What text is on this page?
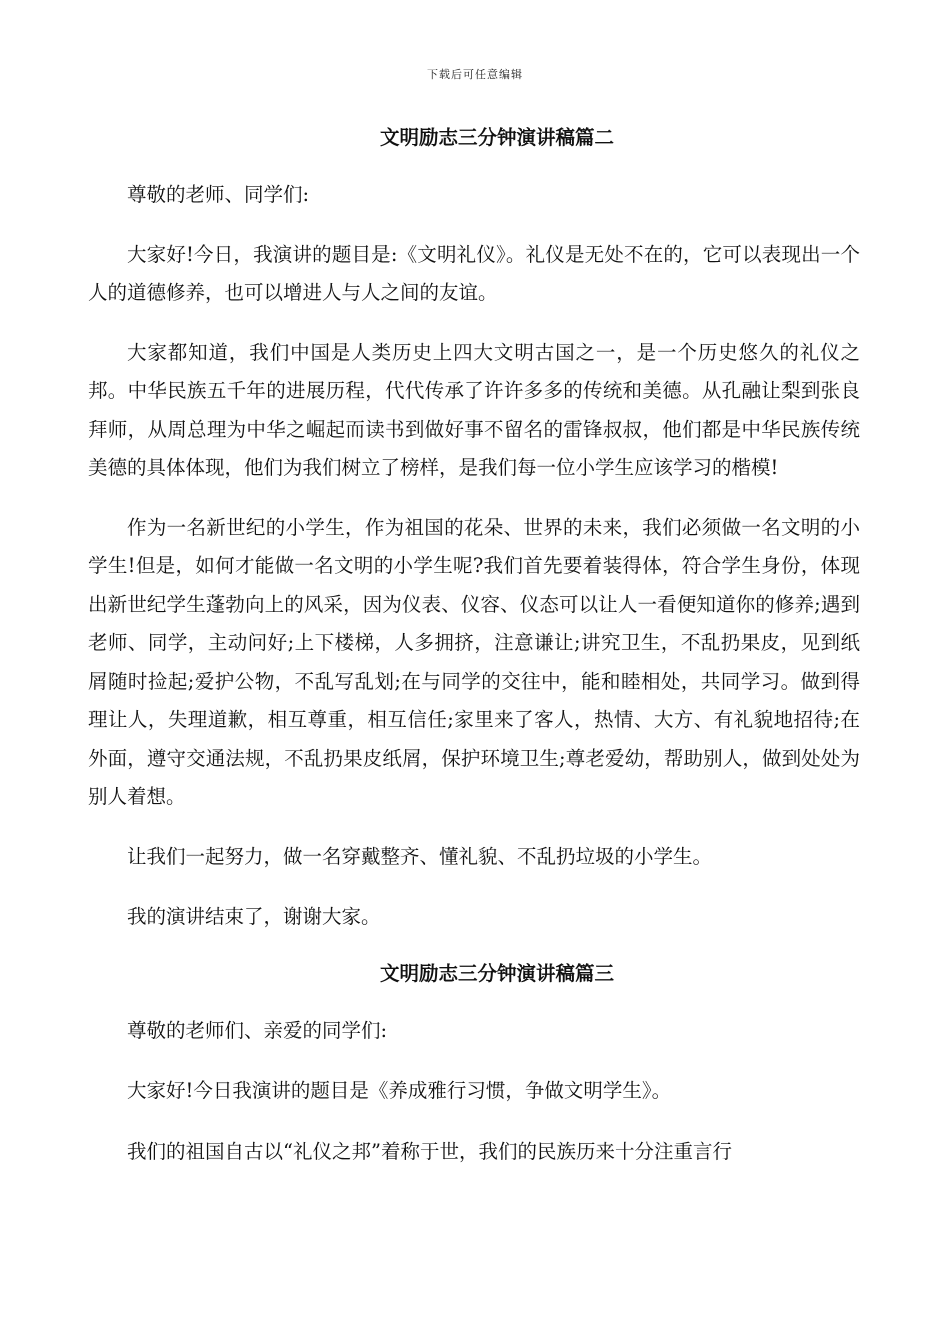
下载后可任意编辑
文明励志三分钟演讲稿篇二

尊敬的老师、同学们:

大家好!今日，我演讲的题目是:《文明礼仪》。礼仪是无处不在的，它可以表现出一个人的道德修养，也可以增进人与人之间的友谊。

大家都知道，我们中国是人类历史上四大文明古国之一，是一个历史悠久的礼仪之邦。中华民族五千年的进展历程，代代传承了许许多多的传统和美德。从孔融让梨到张良拜师，从周总理为中华之崛起而读书到做好事不留名的雷锋叔叔，他们都是中华民族传统美德的具体体现，他们为我们树立了榜样，是我们每一位小学生应该学习的楷模!

作为一名新世纪的小学生，作为祖国的花朵、世界的未来，我们必须做一名文明的小学生!但是，如何才能做一名文明的小学生呢?我们首先要着装得体，符合学生身份，体现出新世纪学生蓬勃向上的风采，因为仪表、仪容、仪态可以让人一看便知道你的修养;遇到老师、同学，主动问好;上下楼梯，人多拥挤，注意谦让;讲究卫生，不乱扔果皮，见到纸屑随时捡起;爱护公物，不乱写乱划;在与同学的交往中，能和睦相处，共同学习。做到得理让人，失理道歉，相互尊重，相互信任;家里来了客人，热情、大方、有礼貌地招待;在外面，遵守交通法规，不乱扔果皮纸屑，保护环境卫生;尊老爱幼，帮助别人，做到处处为别人着想。

让我们一起努力，做一名穿戴整齐、懂礼貌、不乱扔垃圾的小学生。

我的演讲结束了，谢谢大家。

文明励志三分钟演讲稿篇三

尊敬的老师们、亲爱的同学们:

大家好!今日我演讲的题目是《养成雅行习惯，争做文明学生》。

我们的祖国自古以“礼仪之邦”着称于世，我们的民族历来十分注重言行
